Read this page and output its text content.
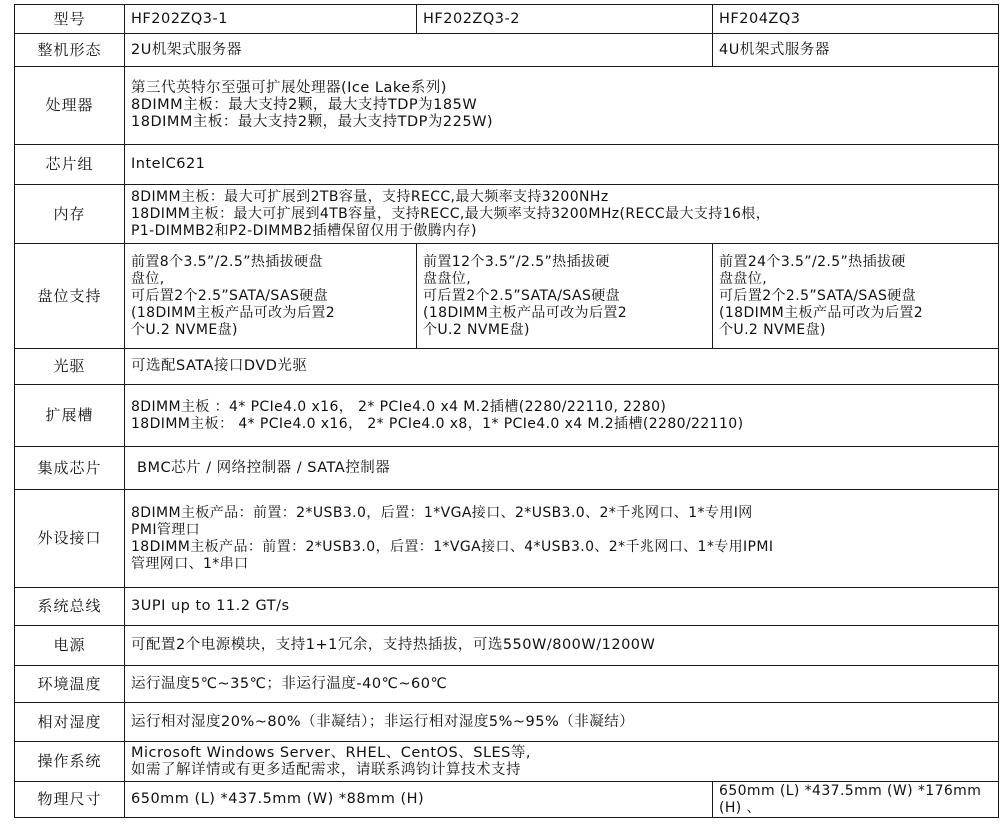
型号	HF202ZQ3-1	HF202ZQ3-2	HF204ZQ3
整机形态	2U机架式服务器		4U机架式服务器
处理器	第三代英特尔至强可扩展处理器(Ice Lake系列)
8DIMM主板：最大支持2颗，最大支持TDP为185W
18DIMM主板：最大支持2颗，最大支持TDP为225W)		

芯片组	IntelC621		
内存	8DIMM主板：最大可扩展到2TB容量，支持RECC,最大频率支持3200NHz
18DIMM主板：最大可扩展到4TB容量，支持RECC,最大频率支持3200MHz(RECC最大支持16根，
P1-DIMMB2和P2-DIMMB2插槽保留仅用于傲腾内存)		

盘位支持	前置8个3.5”/2.5”热插拔硬盘
盘位,
可后置2个2.5”SATA/SAS硬盘
(18DIMM主板产品可改为后置2
个U.2 NVME盘)	前置12个3.5”/2.5”热插拔硬
盘盘位,
可后置2个2.5”SATA/SAS硬盘
(18DIMM主板产品可改为后置2
个U.2 NVME盘)	前置24个3.5”/2.5”热插拔硬
盘盘位,
可后置2个2.5”SATA/SAS硬盘
(18DIMM主板产品可改为后置2
个U.2 NVME盘)

光驱	可选配SATA接口DVD光驱		
扩展槽	8DIMM主板 ：4* PCIe4.0 x16， 2* PCIe4.0 x4 M.2插槽(2280/22110, 2280)
18DIMM主板： 4* PCIe4.0 x16， 2* PCIe4.0 x8，1* PCIe4.0 x4 M.2插槽(2280/22110)		

集成芯片	BMC芯片 / 网络控制器 / SATA控制器		
外设接口	8DIMM主板产品：前置：2*USB3.0，后置：1*VGA接口、2*USB3.0、2*千兆网口、1*专用I网
PMI管理口
18DIMM主板产品：前置：2*USB3.0，后置：1*VGA接口、4*USB3.0、2*千兆网口、1*专用IPMI
管理网口、1*串口		

系统总线	3UPI up to 11.2 GT/s		
电源	可配置2个电源模块，支持1+1冗余，支持热插拔，可选550W/800W/1200W		
环境温度	运行温度5℃~35℃；非运行温度-40℃~60℃		
相对湿度	运行相对湿度20%~80%（非凝结）；非运行相对湿度5%~95%（非凝结）		
操作系统	Microsoft Windows Server、RHEL、CentOS、SLES等,
如需了解详情或有更多适配需求，请联系鸿钧计算技术支持		

物理尺寸	650mm (L) *437.5mm (W) *88mm (H)		650mm (L) *437.5mm (W) *176mm (H) 、
